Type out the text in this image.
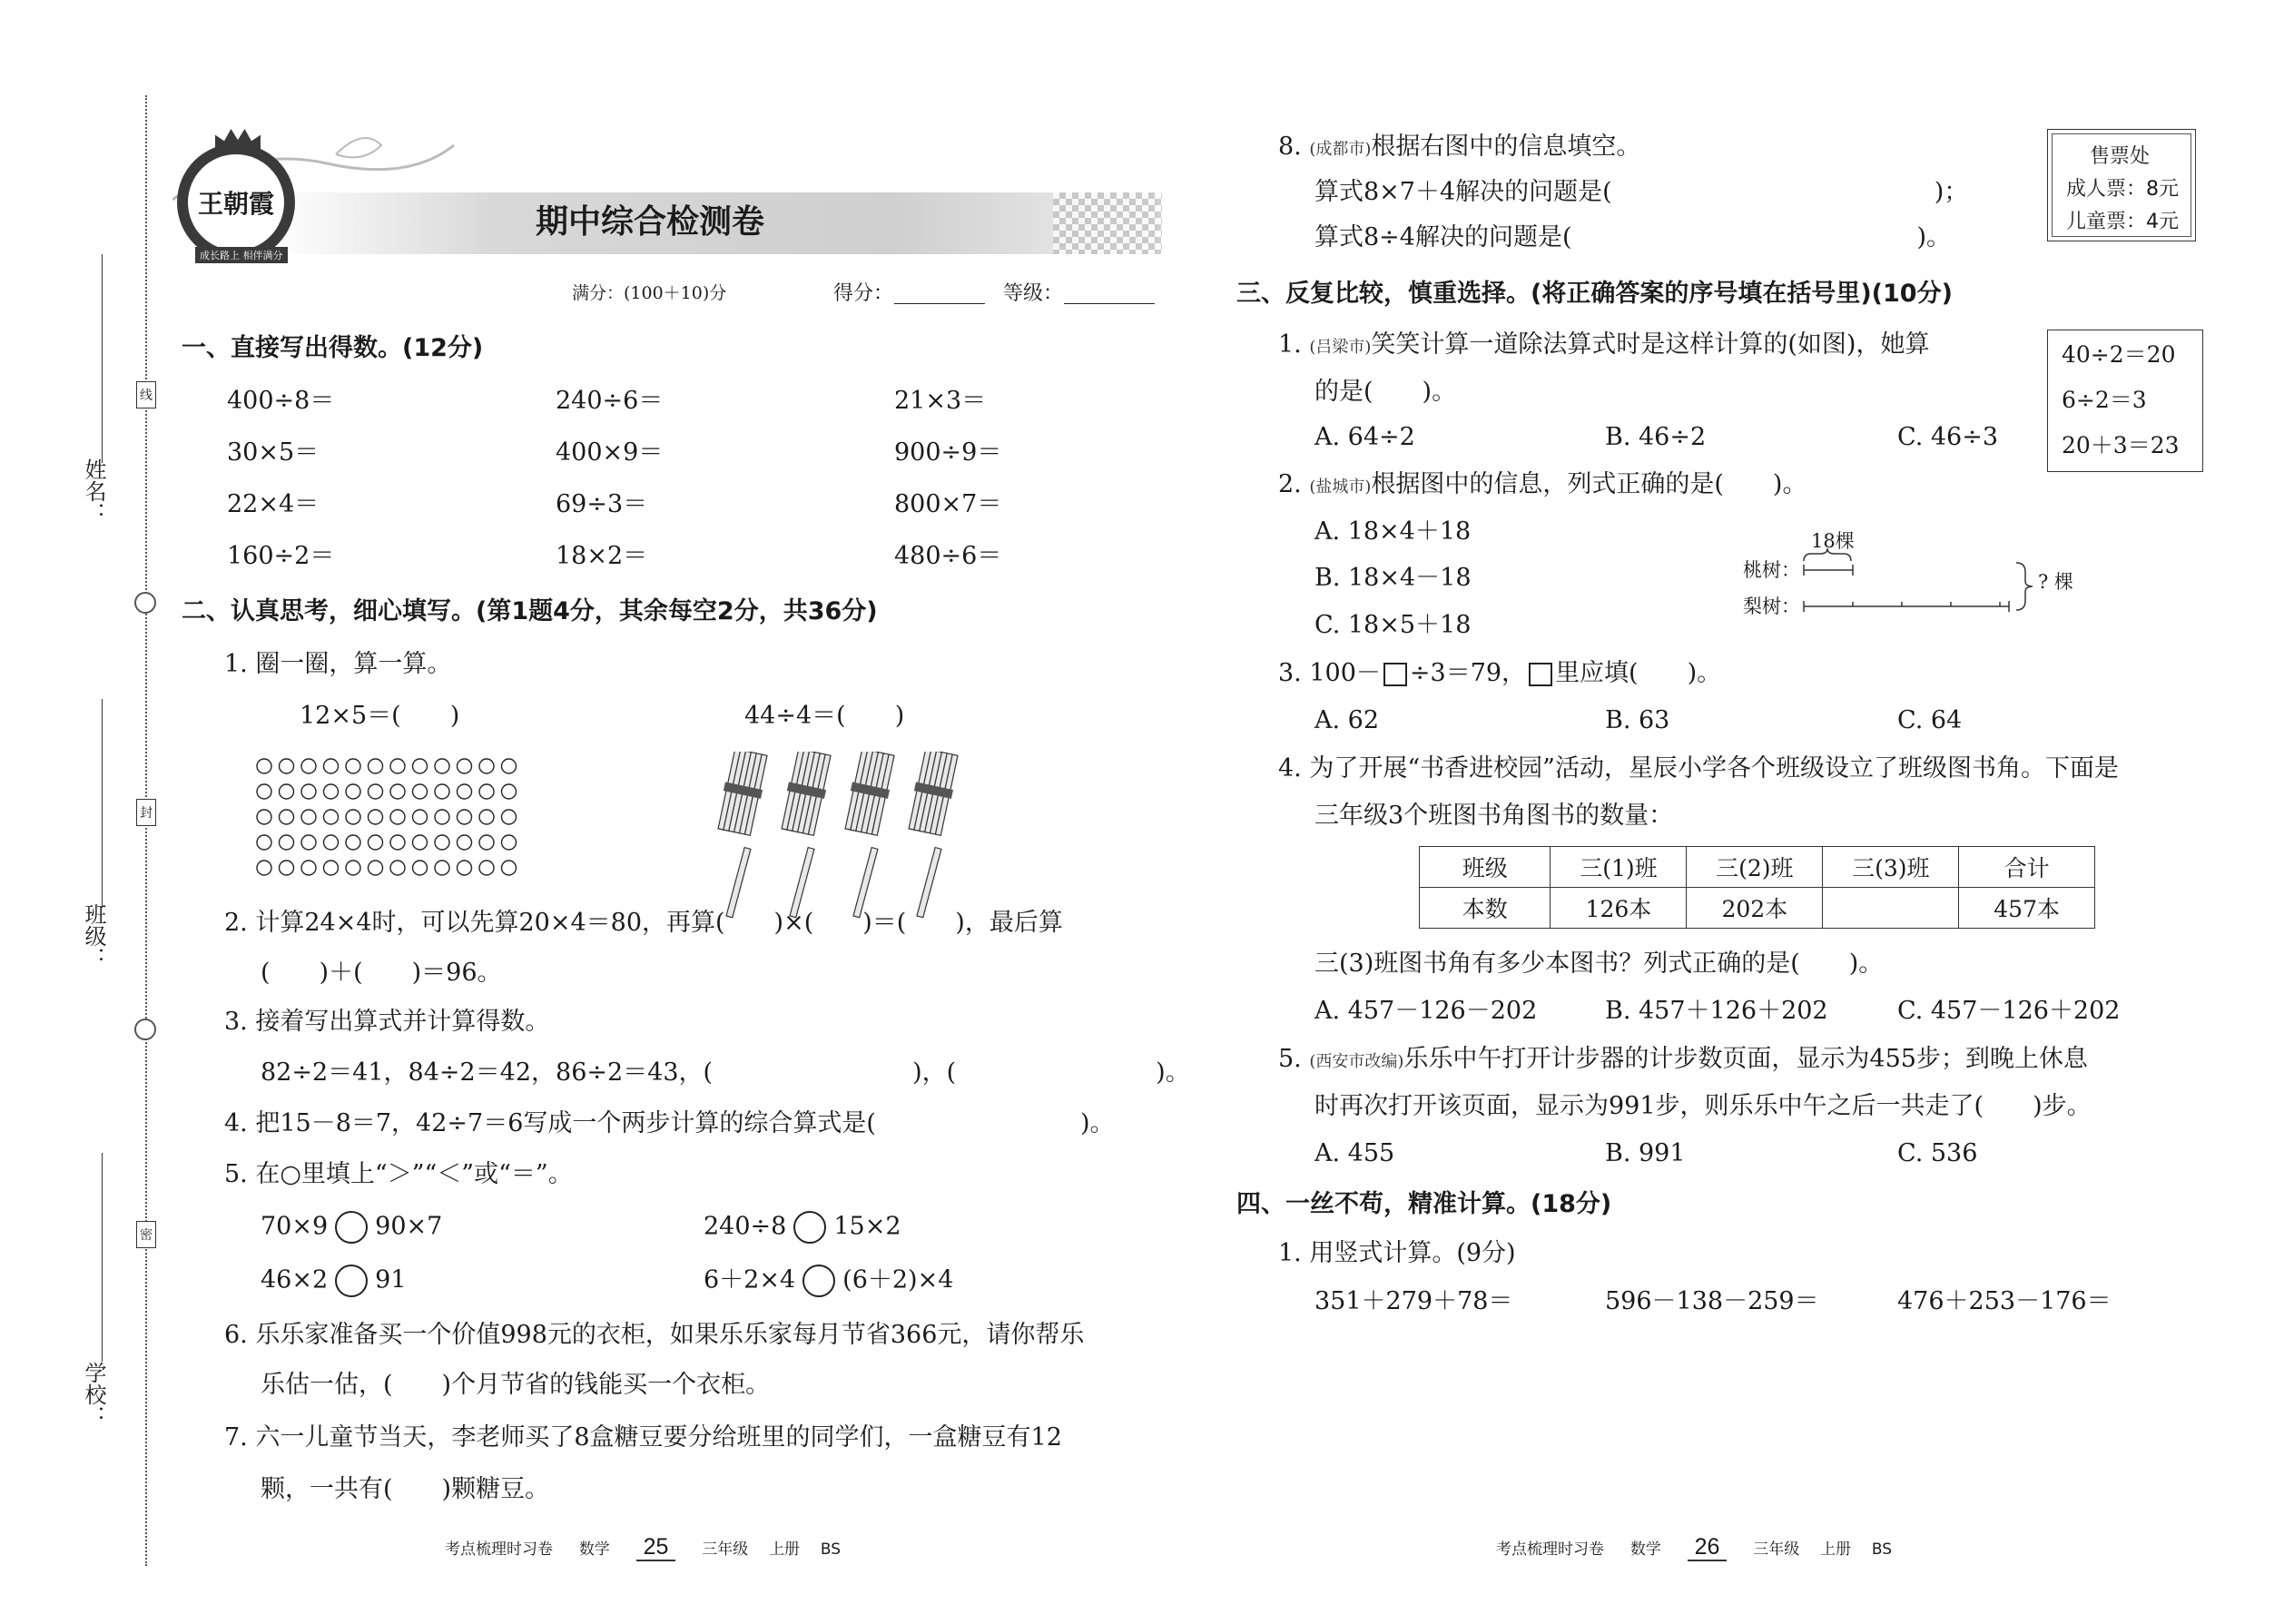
线
封
密
姓名：
班级：
学校：
王朝霞
成长路上 相伴满分
期中综合检测卷
满分：(100＋10)分	得分：	等级：
一、直接写出得数。(12分)
400÷8＝	240÷6＝	21×3＝
30×5＝	400×9＝	900÷9＝
22×4＝	69÷3＝	800×7＝
160÷2＝	18×2＝	480÷6＝
二、认真思考，细心填写。(第1题4分，其余每空2分，共36分)
1. 圈一圈，算一算。
12×5＝(　　)	44÷4＝(　　)
2. 计算24×4时，可以先算20×4＝80，再算(　　)×(　　)＝(　　)，最后算
(　　)＋(　　)＝96。
3. 接着写出算式并计算得数。
82÷2＝41，84÷2＝42，86÷2＝43，(	)，(	)。
4. 把15－8＝7，42÷7＝6写成一个两步计算的综合算式是(	)。
5. 在○里填上“＞”“＜”或“＝”。
70×9 90×7	240÷8 15×2
46×2 91	6＋2×4 (6＋2)×4
6. 乐乐家准备买一个价值998元的衣柜，如果乐乐家每月节省366元，请你帮乐
乐估一估，(　　)个月节省的钱能买一个衣柜。
7. 六一儿童节当天，李老师买了8盒糖豆要分给班里的同学们，一盒糖豆有12
颗，一共有(　　)颗糖豆。
考点梳理时习卷 数学 25 三年级 上册 BS
8. (成都市)根据右图中的信息填空。
算式8×7＋4解决的问题是(	)；
算式8÷4解决的问题是(	)。
售票处
成人票：8元
儿童票：4元
三、反复比较，慎重选择。(将正确答案的序号填在括号里)(10分)
1. (吕梁市)笑笑计算一道除法算式时是这样计算的(如图)，她算
的是(　　)。
A. 64÷2	B. 46÷2	C. 46÷3
40÷2＝20
6÷2＝3
20＋3＝23
2. (盐城市)根据图中的信息，列式正确的是(　　)。
A. 18×4＋18
B. 18×4－18
C. 18×5＋18
18棵
桃树：
梨树：
? 棵
3. 100－ ÷3＝79， 里应填(　　)。
A. 62	B. 63	C. 64
4. 为了开展“书香进校园”活动，星辰小学各个班级设立了班级图书角。下面是
三年级3个班图书角图书的数量：
班级	三(1)班	三(2)班	三(3)班	合计
本数	126本	202本		457本
三(3)班图书角有多少本图书？列式正确的是(　　)。
A. 457－126－202	B. 457＋126＋202	C. 457－126＋202
5. (西安市改编)乐乐中午打开计步器的计步数页面，显示为455步；到晚上休息
时再次打开该页面，显示为991步，则乐乐中午之后一共走了(　　)步。
A. 455	B. 991	C. 536
四、一丝不苟，精准计算。(18分)
1. 用竖式计算。(9分)
351＋279＋78＝	596－138－259＝	476＋253－176＝
考点梳理时习卷 数学 26 三年级 上册 BS
